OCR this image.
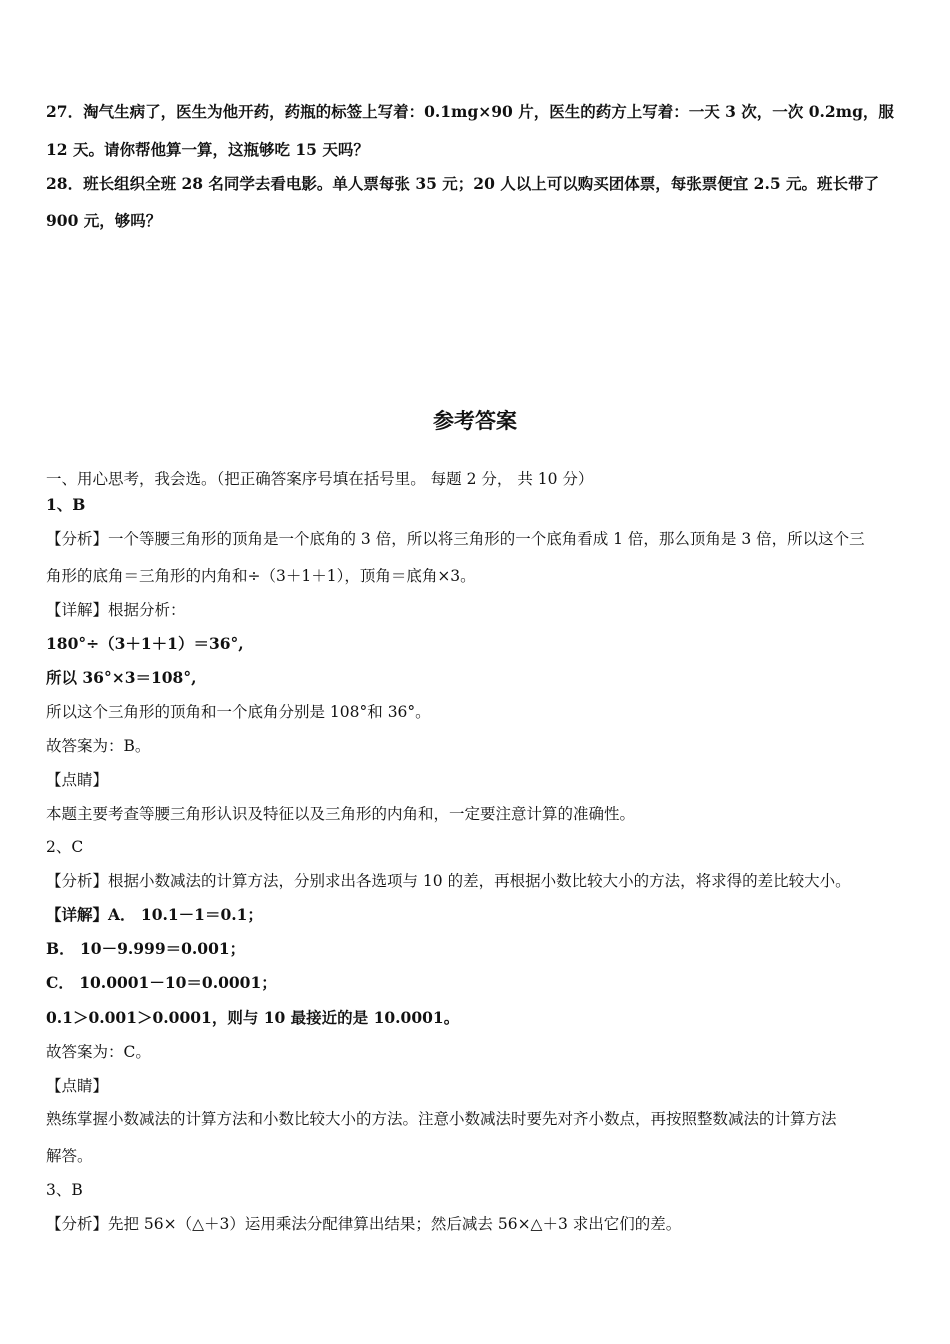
27．淘气生病了，医生为他开药，药瓶的标签上写着：0.1mg×90 片，医生的药方上写着：一天 3 次，一次 0.2mg，服
12 天。请你帮他算一算，这瓶够吃 15 天吗？
28．班长组织全班 28 名同学去看电影。单人票每张 35 元；20 人以上可以购买团体票，每张票便宜 2.5 元。班长带了
900 元，够吗？
参考答案
一、用心思考，我会选。（把正确答案序号填在括号里。 每题 2 分， 共 10 分）
1、B
【分析】一个等腰三角形的顶角是一个底角的 3 倍，所以将三角形的一个底角看成 1 倍，那么顶角是 3 倍，所以这个三
角形的底角＝三角形的内角和÷（3＋1＋1），顶角＝底角×3。
【详解】根据分析：
180°÷（3＋1＋1）＝36°,
所以 36°×3＝108°,
所以这个三角形的顶角和一个底角分别是 108°和 36°。
故答案为：B。
【点睛】
本题主要考查等腰三角形认识及特征以及三角形的内角和，一定要注意计算的准确性。
2、C
【分析】根据小数减法的计算方法，分别求出各选项与 10 的差，再根据小数比较大小的方法，将求得的差比较大小。
【详解】A． 10.1－1＝0.1；
B． 10－9.999＝0.001；
C． 10.0001－10＝0.0001；
0.1＞0.001＞0.0001，则与 10 最接近的是 10.0001。
故答案为：C。
【点睛】
熟练掌握小数减法的计算方法和小数比较大小的方法。注意小数减法时要先对齐小数点，再按照整数减法的计算方法
解答。
3、B
【分析】先把 56×（△＋3）运用乘法分配律算出结果；然后减去 56×△＋3 求出它们的差。
